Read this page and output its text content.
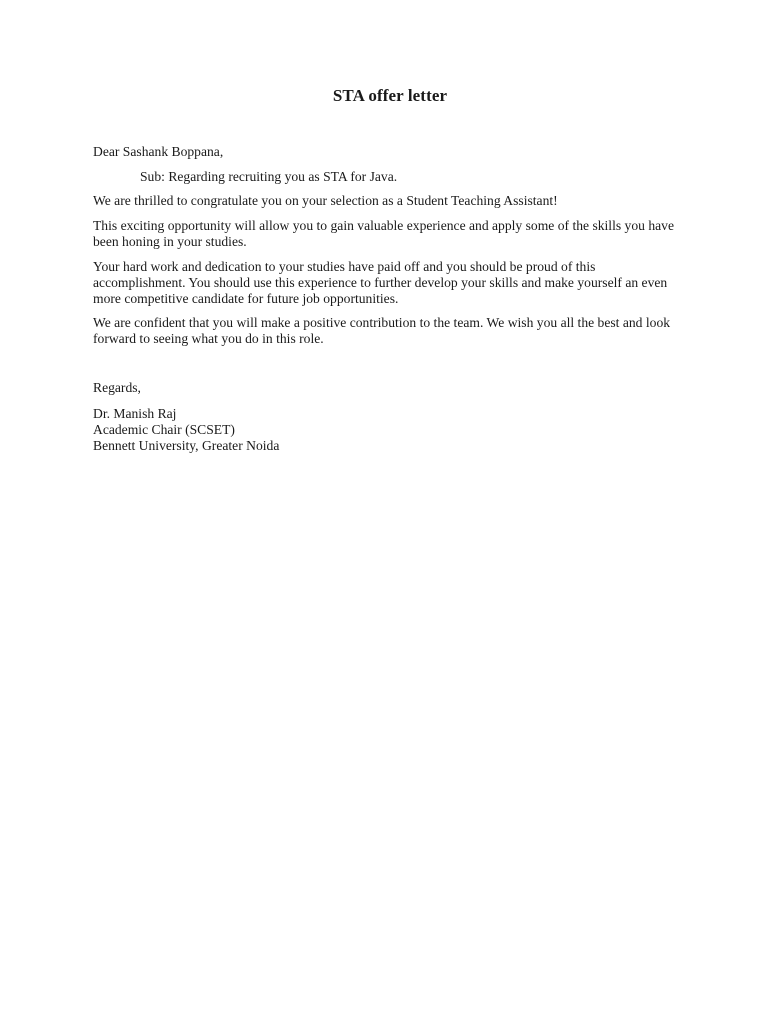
STA offer letter
Dear Sashank Boppana,
Sub: Regarding recruiting you as STA for Java.
We are thrilled to congratulate you on your selection as a Student Teaching Assistant!
This exciting opportunity will allow you to gain valuable experience and apply some of the skills you have been honing in your studies.
Your hard work and dedication to your studies have paid off and you should be proud of this accomplishment. You should use this experience to further develop your skills and make yourself an even more competitive candidate for future job opportunities.
We are confident that you will make a positive contribution to the team. We wish you all the best and look forward to seeing what you do in this role.
Regards,
Dr. Manish Raj
Academic Chair (SCSET)
Bennett University, Greater Noida
